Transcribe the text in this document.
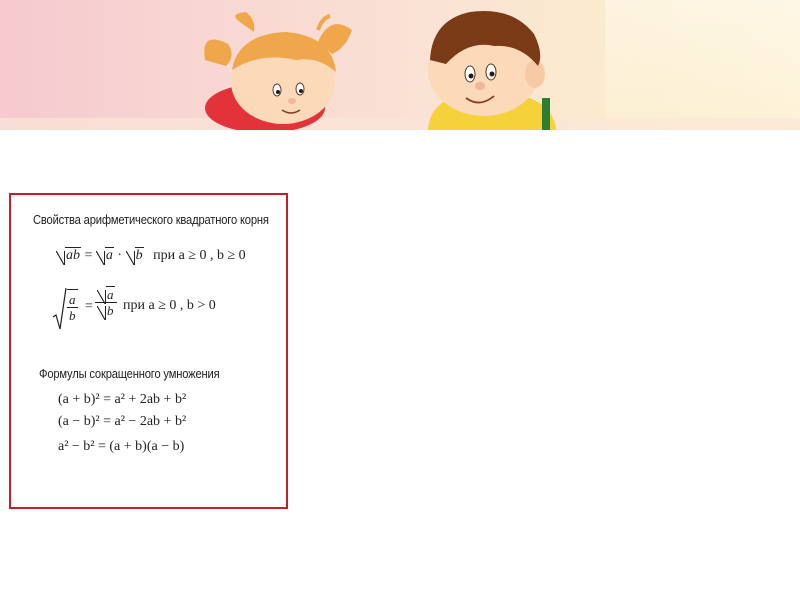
Свойства арифметического квадратного корня
ab = a · b при a ≥ 0 , b ≥ 0
$\frac{a}{b} = \frac{a}{b}$ при a ≥ 0 , b > 0
Формулы сокращенного умножения
(a + b)² = a² + 2ab + b²
(a − b)² = a² − 2ab + b²
a² − b² = (a + b)(a − b)
